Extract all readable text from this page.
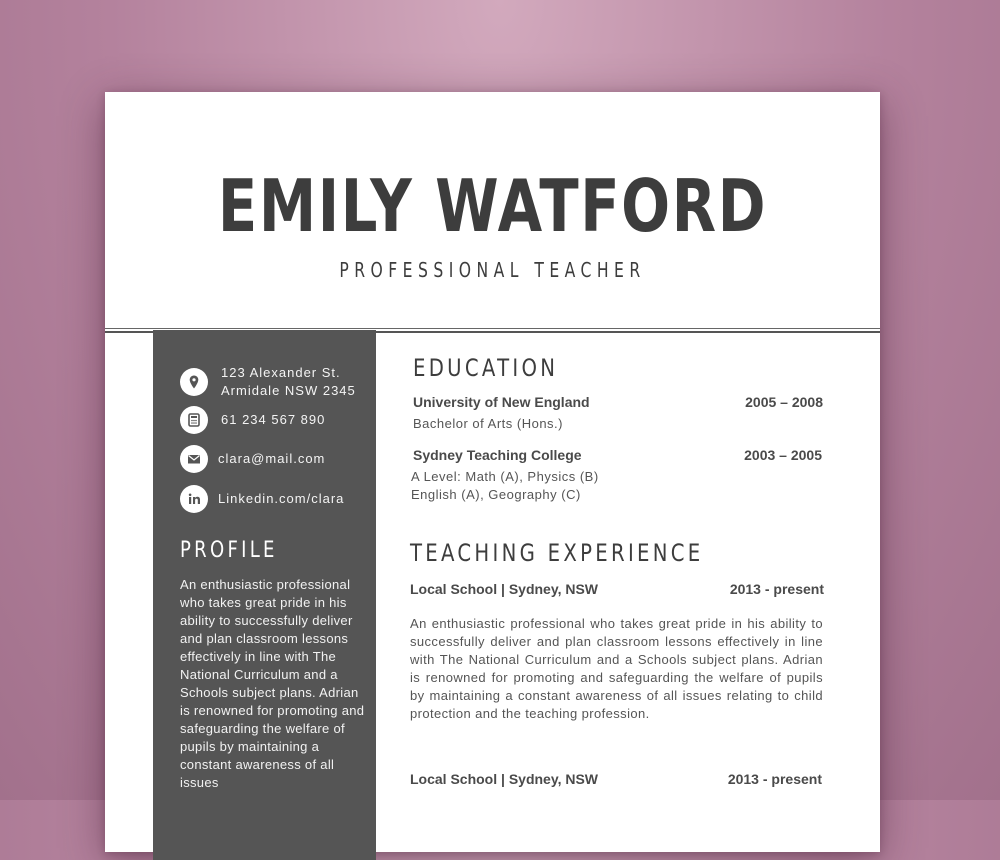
EMILY WATFORD
PROFESSIONAL TEACHER
123 Alexander St.
Armidale NSW 2345
61 234 567 890
clara@mail.com
Linkedin.com/clara
PROFILE
An enthusiastic professional who takes great pride in his ability to successfully deliver and plan classroom lessons effectively in line with The National Curriculum and a Schools subject plans. Adrian is renowned for promoting and safeguarding the welfare of pupils by maintaining a constant awareness of all issues
EDUCATION
University of New England	2005 – 2008
Bachelor of Arts (Hons.)
Sydney Teaching College	2003 – 2005
A Level: Math (A), Physics (B)
English (A), Geography (C)
TEACHING EXPERIENCE
Local School | Sydney, NSW	2013 - present
An enthusiastic professional who takes great pride in his ability to successfully deliver and plan classroom lessons effectively in line with The National Curriculum and a Schools subject plans. Adrian is renowned for promoting and safeguarding the welfare of pupils by maintaining a constant awareness of all issues relating to child protection and the teaching profession.
Local School | Sydney, NSW	2013 - present
